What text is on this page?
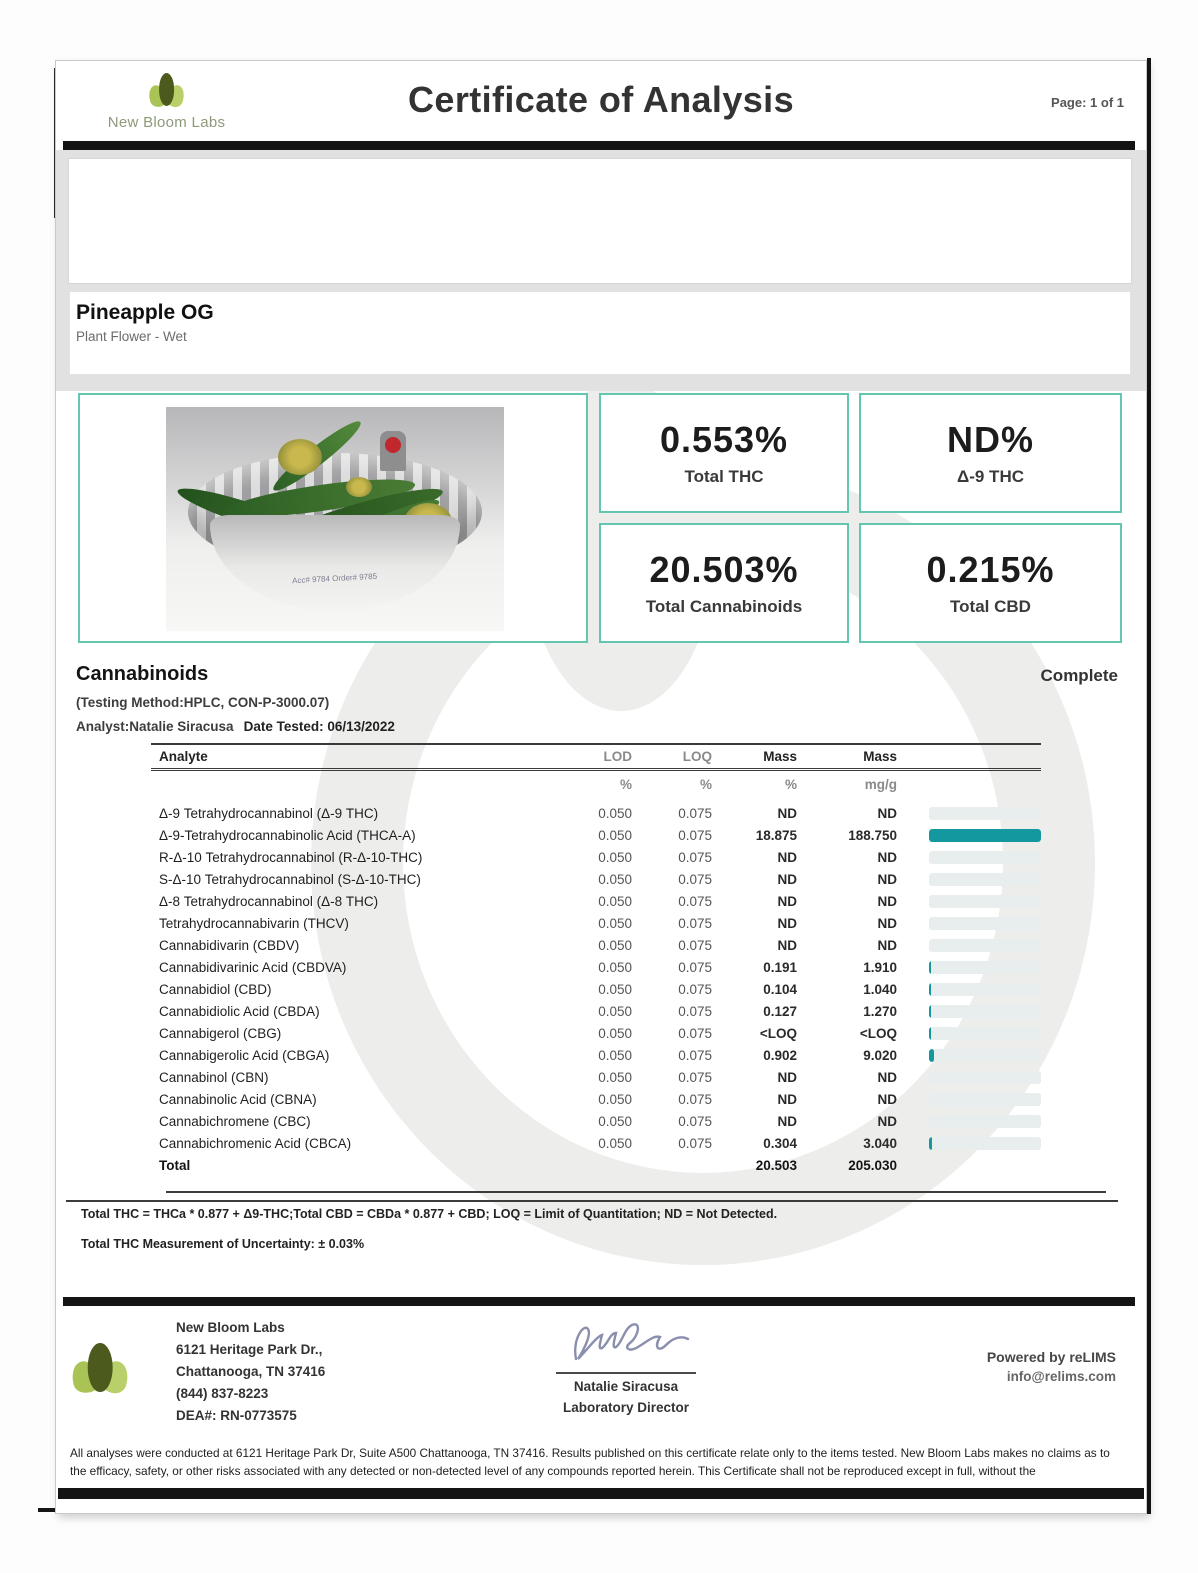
New Bloom Labs
Certificate of Analysis	Page: 1 of 1
Pineapple OG
Plant Flower - Wet
Acc# 9784 Order# 9785
0.553%
Total THC
ND%
Δ-9 THC
20.503%
Total Cannabinoids
0.215%
Total CBD
Cannabinoids	Complete
(Testing Method:HPLC, CON-P-3000.07)
Analyst:Natalie Siracusa Date Tested: 06/13/2022
Analyte	LOD	LOQ	Mass	Mass	
	%	%	%	mg/g	
Δ-9 Tetrahydrocannabinol (Δ-9 THC)	0.050	0.075	ND	ND	

Δ-9-Tetrahydrocannabinolic Acid (THCA-A)	0.050	0.075	18.875	188.750	

R-Δ-10 Tetrahydrocannabinol (R-Δ-10-THC)	0.050	0.075	ND	ND	

S-Δ-10 Tetrahydrocannabinol (S-Δ-10-THC)	0.050	0.075	ND	ND	

Δ-8 Tetrahydrocannabinol (Δ-8 THC)	0.050	0.075	ND	ND	

Tetrahydrocannabivarin (THCV)	0.050	0.075	ND	ND	

Cannabidivarin (CBDV)	0.050	0.075	ND	ND	

Cannabidivarinic Acid (CBDVA)	0.050	0.075	0.191	1.910	

Cannabidiol (CBD)	0.050	0.075	0.104	1.040	

Cannabidiolic Acid (CBDA)	0.050	0.075	0.127	1.270	

Cannabigerol (CBG)	0.050	0.075	<LOQ	<LOQ	

Cannabigerolic Acid (CBGA)	0.050	0.075	0.902	9.020	

Cannabinol (CBN)	0.050	0.075	ND	ND	

Cannabinolic Acid (CBNA)	0.050	0.075	ND	ND	

Cannabichromene (CBC)	0.050	0.075	ND	ND	

Cannabichromenic Acid (CBCA)	0.050	0.075	0.304	3.040	

Total			20.503	205.030	
Total THC = THCa * 0.877 + Δ9-THC;Total CBD = CBDa * 0.877 + CBD; LOQ = Limit of Quantitation; ND = Not Detected.
Total THC Measurement of Uncertainty: ± 0.03%
New Bloom Labs
6121 Heritage Park Dr.,
Chattanooga, TN 37416
(844) 837-8223
DEA#: RN-0773575
Natalie Siracusa
Laboratory Director
Powered by reLIMS
info@relims.com
All analyses were conducted at 6121 Heritage Park Dr, Suite A500 Chattanooga, TN 37416. Results published on this certificate relate only to the items tested. New Bloom Labs makes no claims as to the efficacy, safety, or other risks associated with any detected or non-detected level of any compounds reported herein. This Certificate shall not be reproduced except in full, without the
